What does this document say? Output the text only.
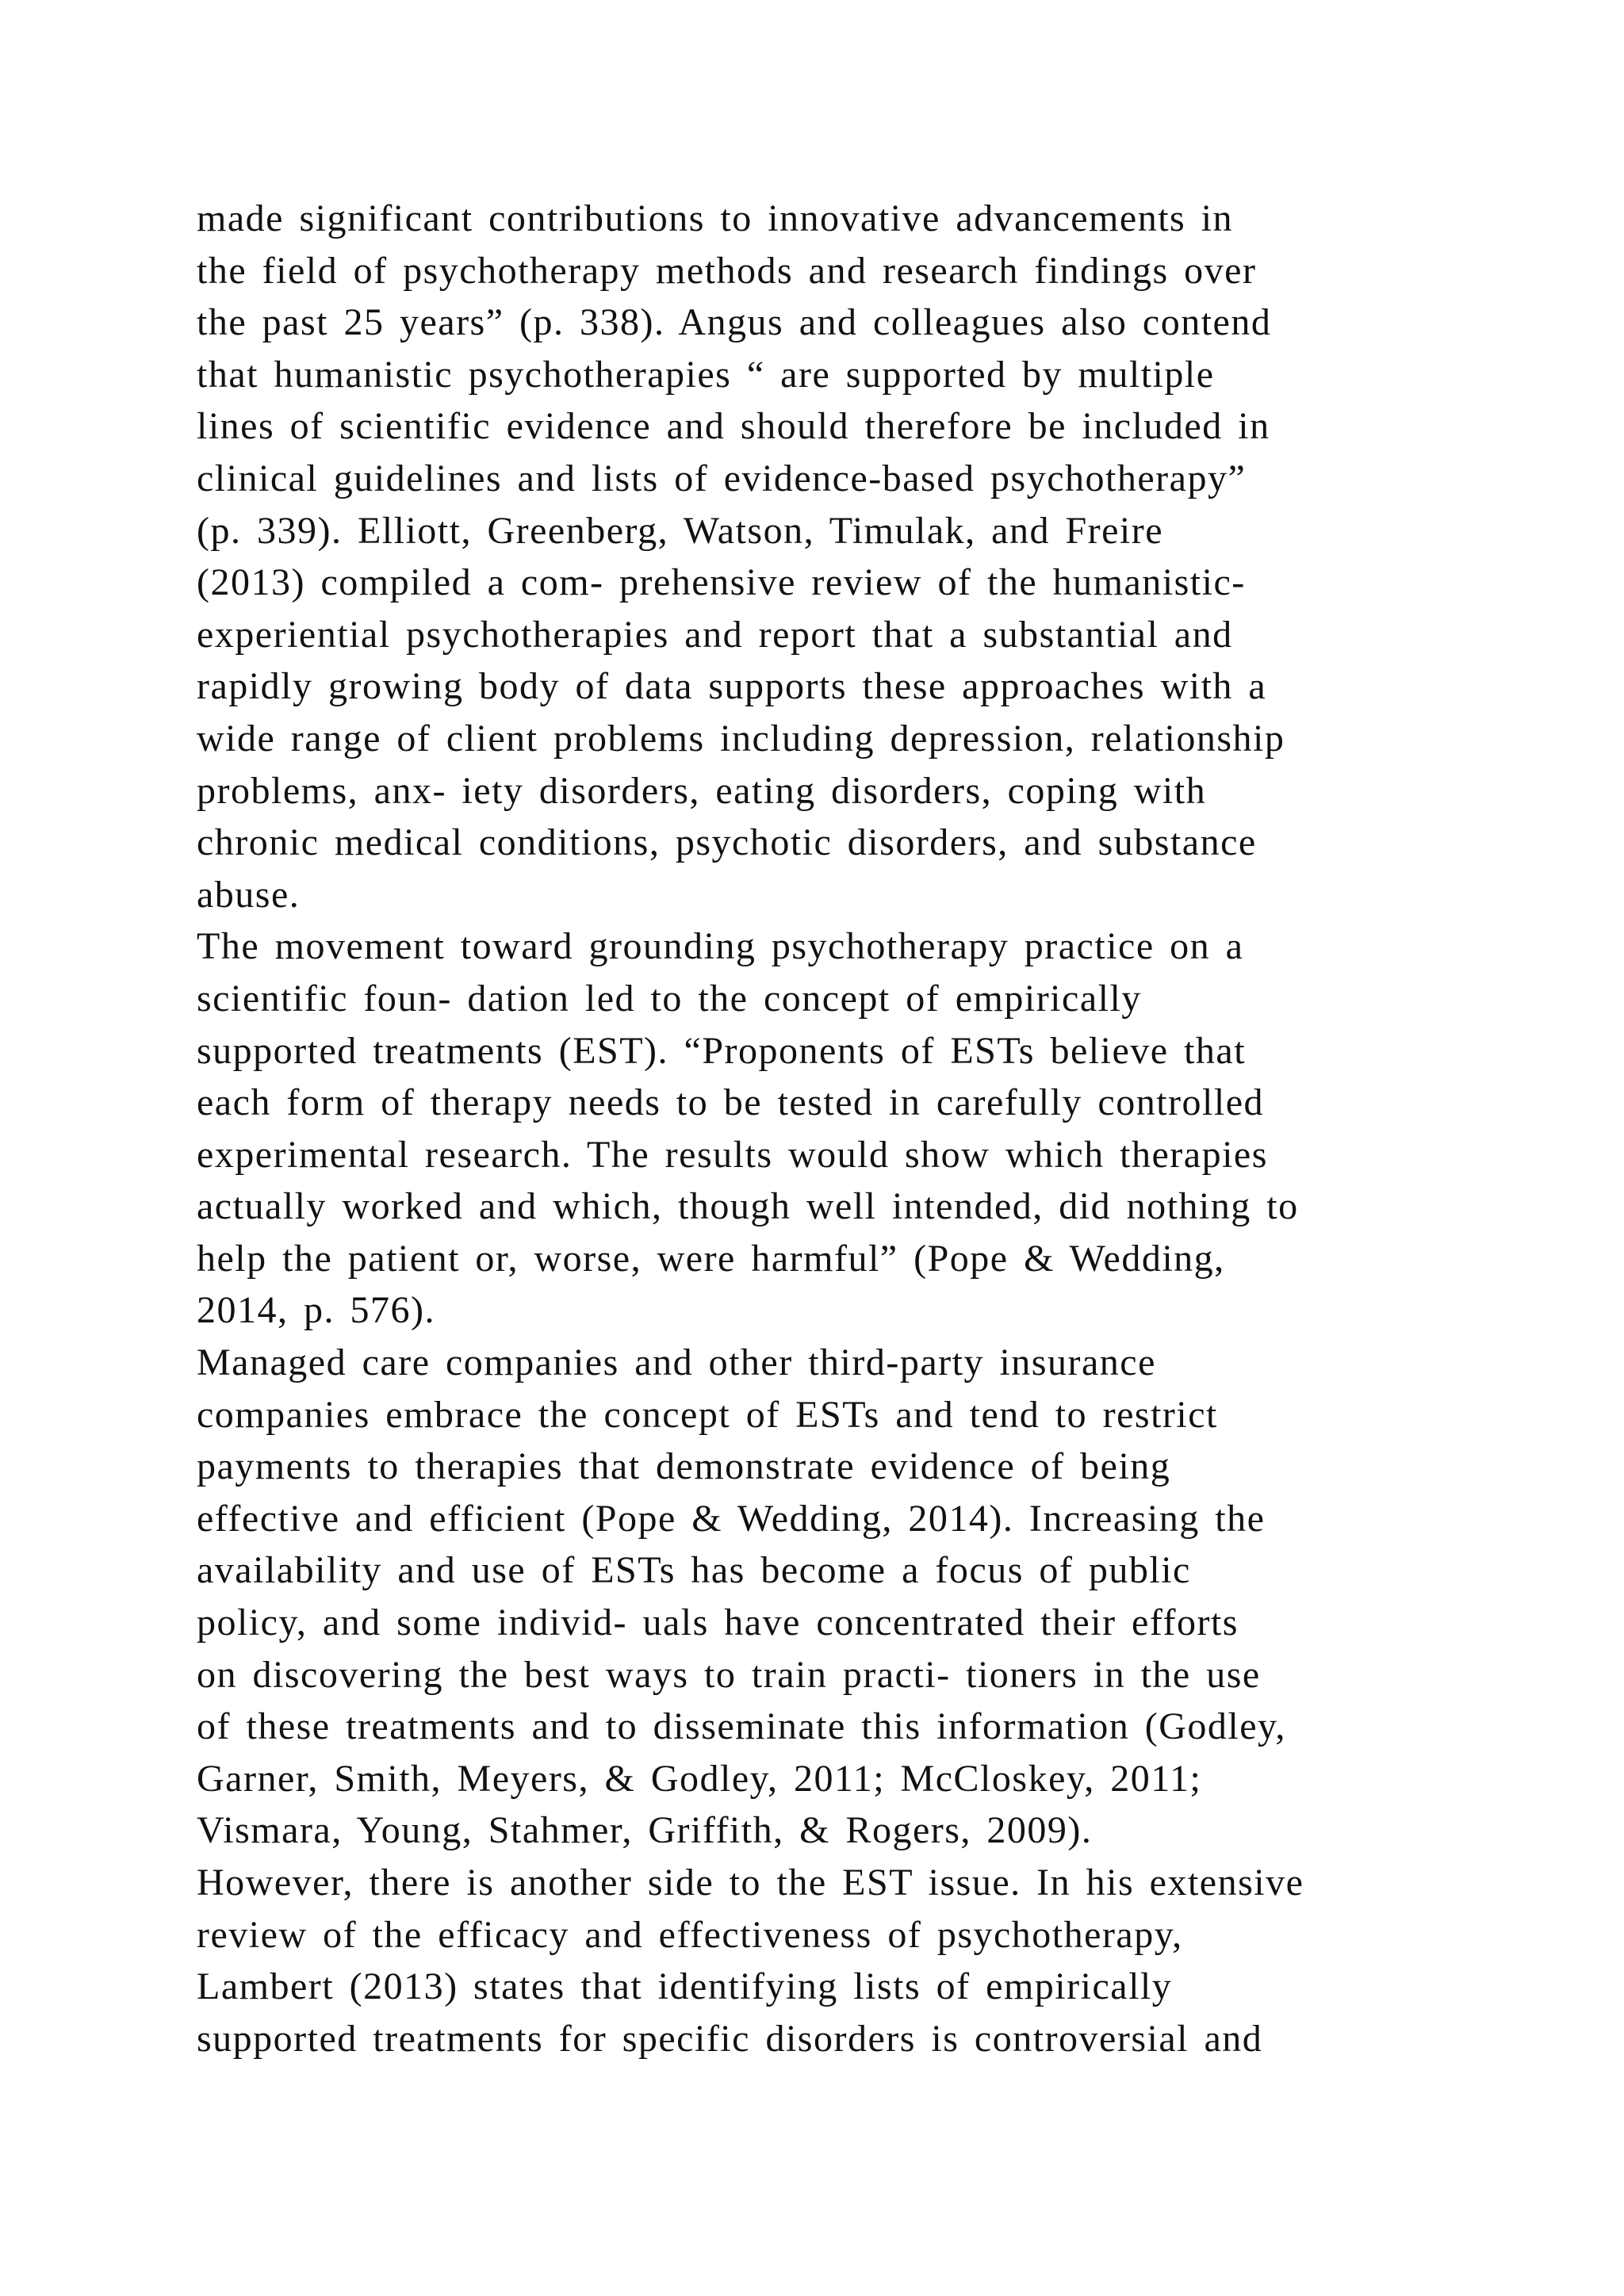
made significant contributions to innovative advancements in
the field of psychotherapy methods and research findings over
the past 25 years” (p. 338). Angus and colleagues also contend
that humanistic psychotherapies “ are supported by multiple
lines of scientific evidence and should therefore be included in
clinical guidelines and lists of evidence-based psychotherapy”
(p. 339). Elliott, Greenberg, Watson, Timulak, and Freire
(2013) compiled a com- prehensive review of the humanistic-
experiential psychotherapies and report that a substantial and
rapidly growing body of data supports these approaches with a
wide range of client problems including depression, relationship
problems, anx- iety disorders, eating disorders, coping with
chronic medical conditions, psychotic disorders, and substance
abuse.
The movement toward grounding psychotherapy practice on a
scientific foun- dation led to the concept of empirically
supported treatments (EST). “Proponents of ESTs believe that
each form of therapy needs to be tested in carefully controlled
experimental research. The results would show which therapies
actually worked and which, though well intended, did nothing to
help the patient or, worse, were harmful” (Pope & Wedding,
2014, p. 576).
Managed care companies and other third-party insurance
companies embrace the concept of ESTs and tend to restrict
payments to therapies that demonstrate evidence of being
effective and efficient (Pope & Wedding, 2014). Increasing the
availability and use of ESTs has become a focus of public
policy, and some individ- uals have concentrated their efforts
on discovering the best ways to train practi- tioners in the use
of these treatments and to disseminate this information (Godley,
Garner, Smith, Meyers, & Godley, 2011; McCloskey, 2011;
Vismara, Young, Stahmer, Griffith, & Rogers, 2009).
However, there is another side to the EST issue. In his extensive
review of the efficacy and effectiveness of psychotherapy,
Lambert (2013) states that identifying lists of empirically
supported treatments for specific disorders is controversial and
